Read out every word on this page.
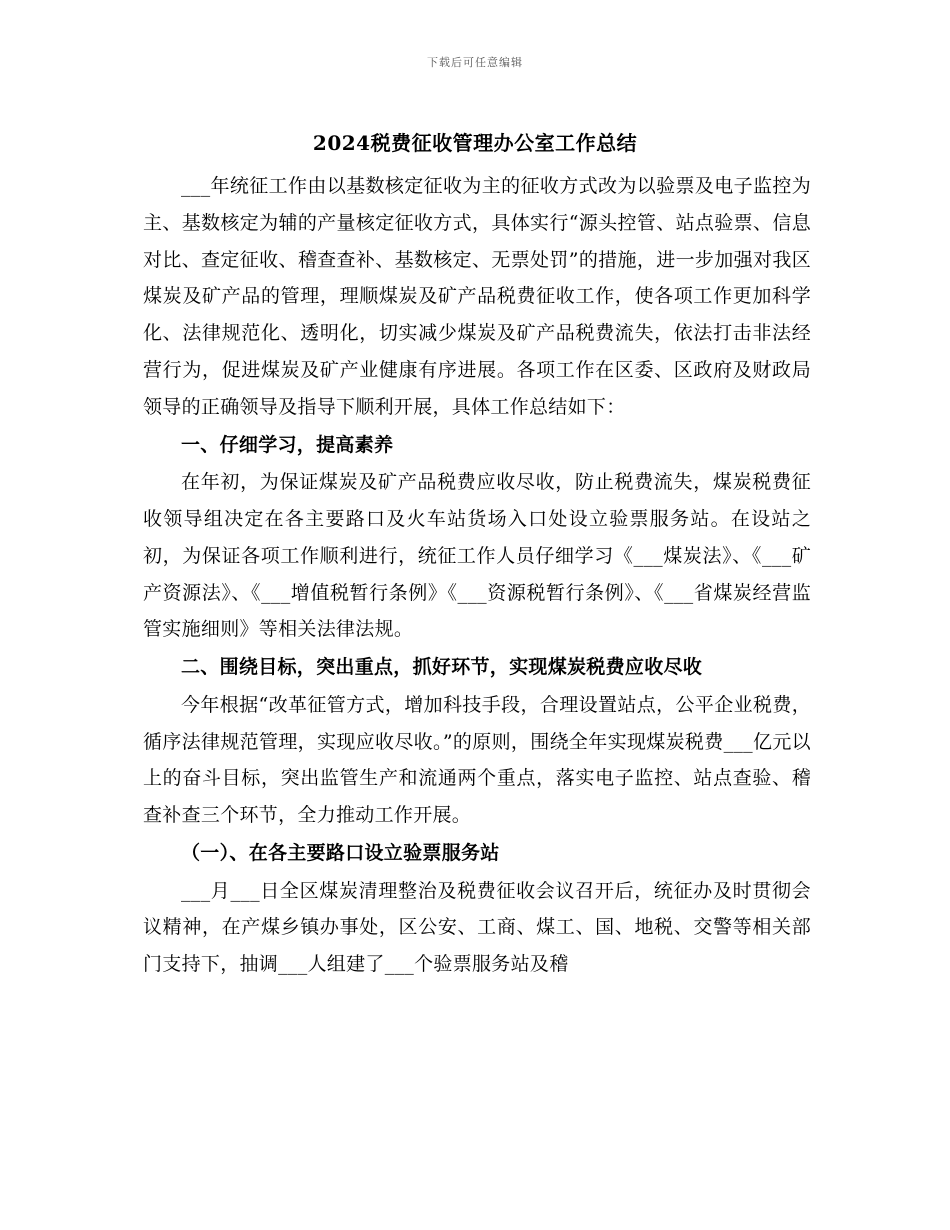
下载后可任意编辑
2024税费征收管理办公室工作总结

___年统征工作由以基数核定征收为主的征收方式改为以验票及电子监控为主、基数核定为辅的产量核定征收方式，具体实行“源头控管、站点验票、信息对比、查定征收、稽查查补、基数核定、无票处罚”的措施，进一步加强对我区煤炭及矿产品的管理，理顺煤炭及矿产品税费征收工作，使各项工作更加科学化、法律规范化、透明化，切实减少煤炭及矿产品税费流失，依法打击非法经营行为，促进煤炭及矿产业健康有序进展。各项工作在区委、区政府及财政局领导的正确领导及指导下顺利开展，具体工作总结如下：

一、仔细学习，提高素养

在年初，为保证煤炭及矿产品税费应收尽收，防止税费流失，煤炭税费征收领导组决定在各主要路口及火车站货场入口处设立验票服务站。在设站之初，为保证各项工作顺利进行，统征工作人员仔细学习《___煤炭法》、《___矿产资源法》、《___增值税暂行条例》《___资源税暂行条例》、《___省煤炭经营监管实施细则》等相关法律法规。

二、围绕目标，突出重点，抓好环节，实现煤炭税费应收尽收

今年根据“改革征管方式，增加科技手段，合理设置站点，公平企业税费，循序法律规范管理，实现应收尽收。”的原则，围绕全年实现煤炭税费___亿元以上的奋斗目标，突出监管生产和流通两个重点，落实电子监控、站点查验、稽查补查三个环节，全力推动工作开展。

（一）、在各主要路口设立验票服务站

___月___日全区煤炭清理整治及税费征收会议召开后，统征办及时贯彻会议精神，在产煤乡镇办事处，区公安、工商、煤工、国、地税、交警等相关部门支持下，抽调___人组建了___个验票服务站及稽
